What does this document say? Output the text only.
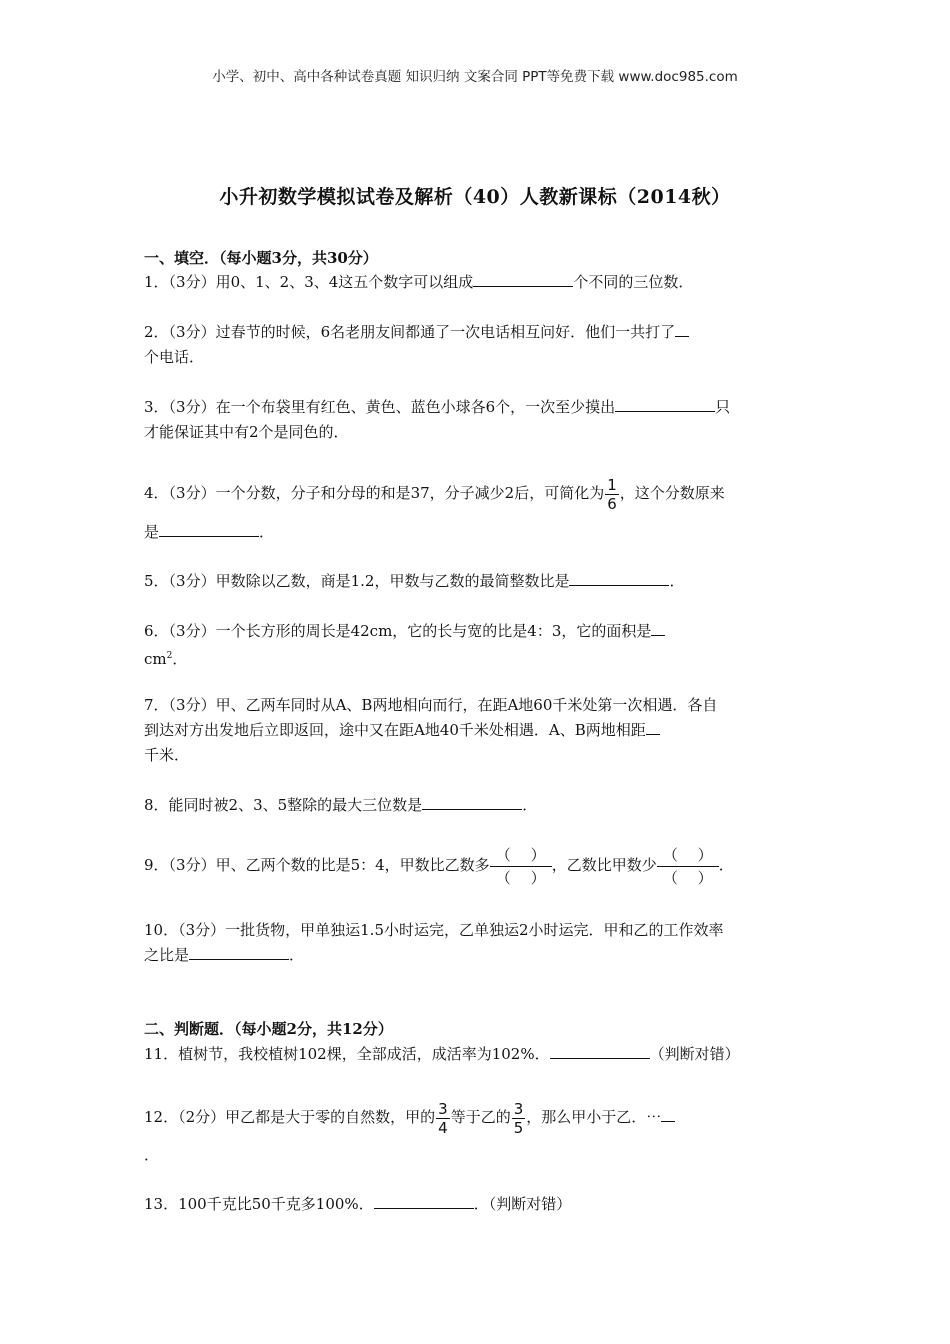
小学、初中、高中各种试卷真题 知识归纳 文案合同 PPT等免费下载 www.doc985.com
小升初数学模拟试卷及解析（40）人教新课标（2014秋）
一、填空．（每小题3分，共30分）
1．（3分）用0、1、2、3、4这五个数字可以组成	个不同的三位数．
2．（3分）过春节的时候，6名老朋友间都通了一次电话相互问好．他们一共打了
个电话．
3．（3分）在一个布袋里有红色、黄色、蓝色小球各6个，一次至少摸出	只
才能保证其中有2个是同色的．
4．（3分）一个分数，分子和分母的和是37，分子减少2后，可简化为 $\frac{1}{6}$ ，这个分数原来
是	．
5．（3分）甲数除以乙数，商是1.2，甲数与乙数的最简整数比是	．
6．（3分）一个长方形的周长是42cm，它的长与宽的比是4：3，它的面积是
$cm^2$．
7．（3分）甲、乙两车同时从A、B两地相向而行，在距A地60千米处第一次相遇．各自
到达对方出发地后立即返回，途中又在距A地40千米处相遇．A、B两地相距
千米．
8．能同时被2、3、5整除的最大三位数是	．
9．（3分）甲、乙两个数的比是5：4，甲数比乙数多 $\frac{( )}{( )}$ ，乙数比甲数少 $\frac{( )}{( )}$ ．
10．（3分）一批货物，甲单独运1.5小时运完，乙单独运2小时运完．甲和乙的工作效率
之比是	．
二、判断题．（每小题2分，共12分）
11．植树节，我校植树102棵，全部成活，成活率为102%．	（判断对错）
12．（2分）甲乙都是大于零的自然数，甲的 $\frac{3}{4}$ 等于乙的 $\frac{3}{5}$ ，那么甲小于乙．⋯
．
13．100千克比50千克多100%．	．（判断对错）
